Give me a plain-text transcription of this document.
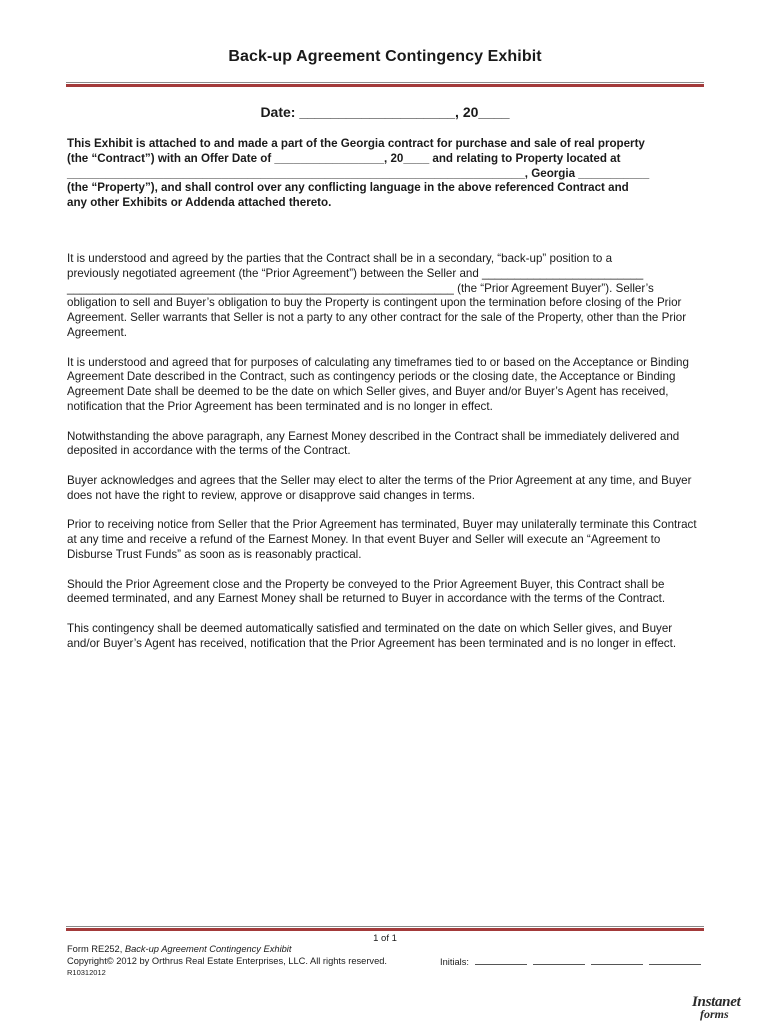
Back-up Agreement Contingency Exhibit
Date: ____________________, 20____
This Exhibit is attached to and made a part of the Georgia contract for purchase and sale of real property
(the “Contract”) with an Offer Date of _________________, 20____ and relating to Property located at
_______________________________________________________________________, Georgia ___________
(the “Property”), and shall control over any conflicting language in the above referenced Contract and
any other Exhibits or Addenda attached thereto.

It is understood and agreed by the parties that the Contract shall be in a secondary, “back-up” position to a
previously negotiated agreement (the “Prior Agreement”) between the Seller and _________________________
____________________________________________________________ (the “Prior Agreement Buyer”). Seller’s
obligation to sell and Buyer’s obligation to buy the Property is contingent upon the termination before closing of the Prior Agreement. Seller warrants that Seller is not a party to any other contract for the sale of the Property, other than the Prior Agreement.

It is understood and agreed that for purposes of calculating any timeframes tied to or based on the Acceptance or Binding Agreement Date described in the Contract, such as contingency periods or the closing date, the Acceptance or Binding Agreement Date shall be deemed to be the date on which Seller gives, and Buyer and/or Buyer’s Agent has received, notification that the Prior Agreement has been terminated and is no longer in effect.

Notwithstanding the above paragraph, any Earnest Money described in the Contract shall be immediately delivered and deposited in accordance with the terms of the Contract.

Buyer acknowledges and agrees that the Seller may elect to alter the terms of the Prior Agreement at any time, and Buyer does not have the right to review, approve or disapprove said changes in terms.

Prior to receiving notice from Seller that the Prior Agreement has terminated, Buyer may unilaterally terminate this Contract at any time and receive a refund of the Earnest Money. In that event Buyer and Seller will execute an “Agreement to Disburse Trust Funds” as soon as is reasonably practical.

Should the Prior Agreement close and the Property be conveyed to the Prior Agreement Buyer, this Contract shall be deemed terminated, and any Earnest Money shall be returned to Buyer in accordance with the terms of the Contract.

This contingency shall be deemed automatically satisfied and terminated on the date on which Seller gives, and Buyer and/or Buyer’s Agent has received, notification that the Prior Agreement has been terminated and is no longer in effect.

1 of 1
Form RE252, Back-up Agreement Contingency Exhibit
Copyright© 2012 by Orthrus Real Estate Enterprises, LLC. All rights reserved.
R10312012
Initials:
Instanet
forms
